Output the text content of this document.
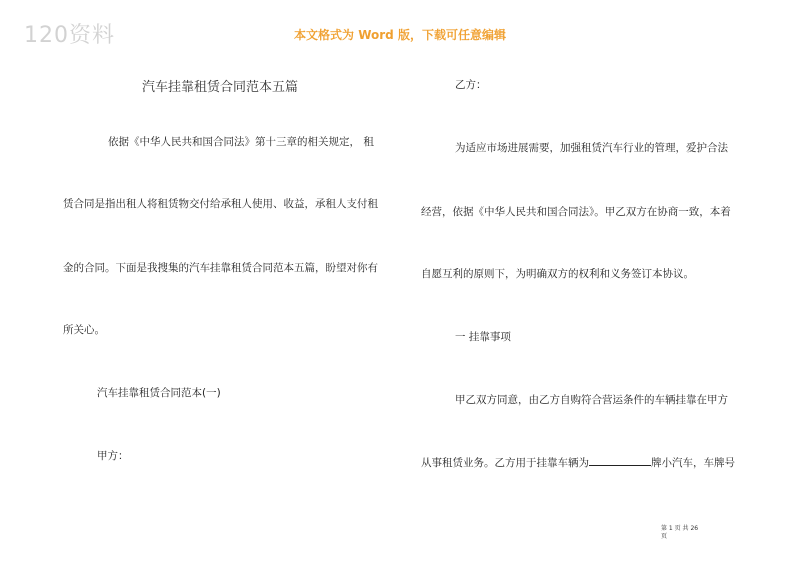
120资料	本文格式为 Word 版，下载可任意编辑
汽车挂靠租赁合同范本五篇
依据《中华人民共和国合同法》第十三章的相关规定， 租
赁合同是指出租人将租赁物交付给承租人使用、收益，承租人支付租
金的合同。下面是我搜集的汽车挂靠租赁合同范本五篇，盼望对你有
所关心。
汽车挂靠租赁合同范本(一)
甲方：
乙方：
为适应市场进展需要，加强租赁汽车行业的管理，爱护合法
经营，依据《中华人民共和国合同法》。甲乙双方在协商一致，本着
自愿互利的原则下，为明确双方的权利和义务签订本协议。
一 挂靠事项
甲乙双方同意，由乙方自购符合营运条件的车辆挂靠在甲方
从事租赁业务。乙方用于挂靠车辆为	牌小汽车，车牌号
第 1 页 共 26 页
